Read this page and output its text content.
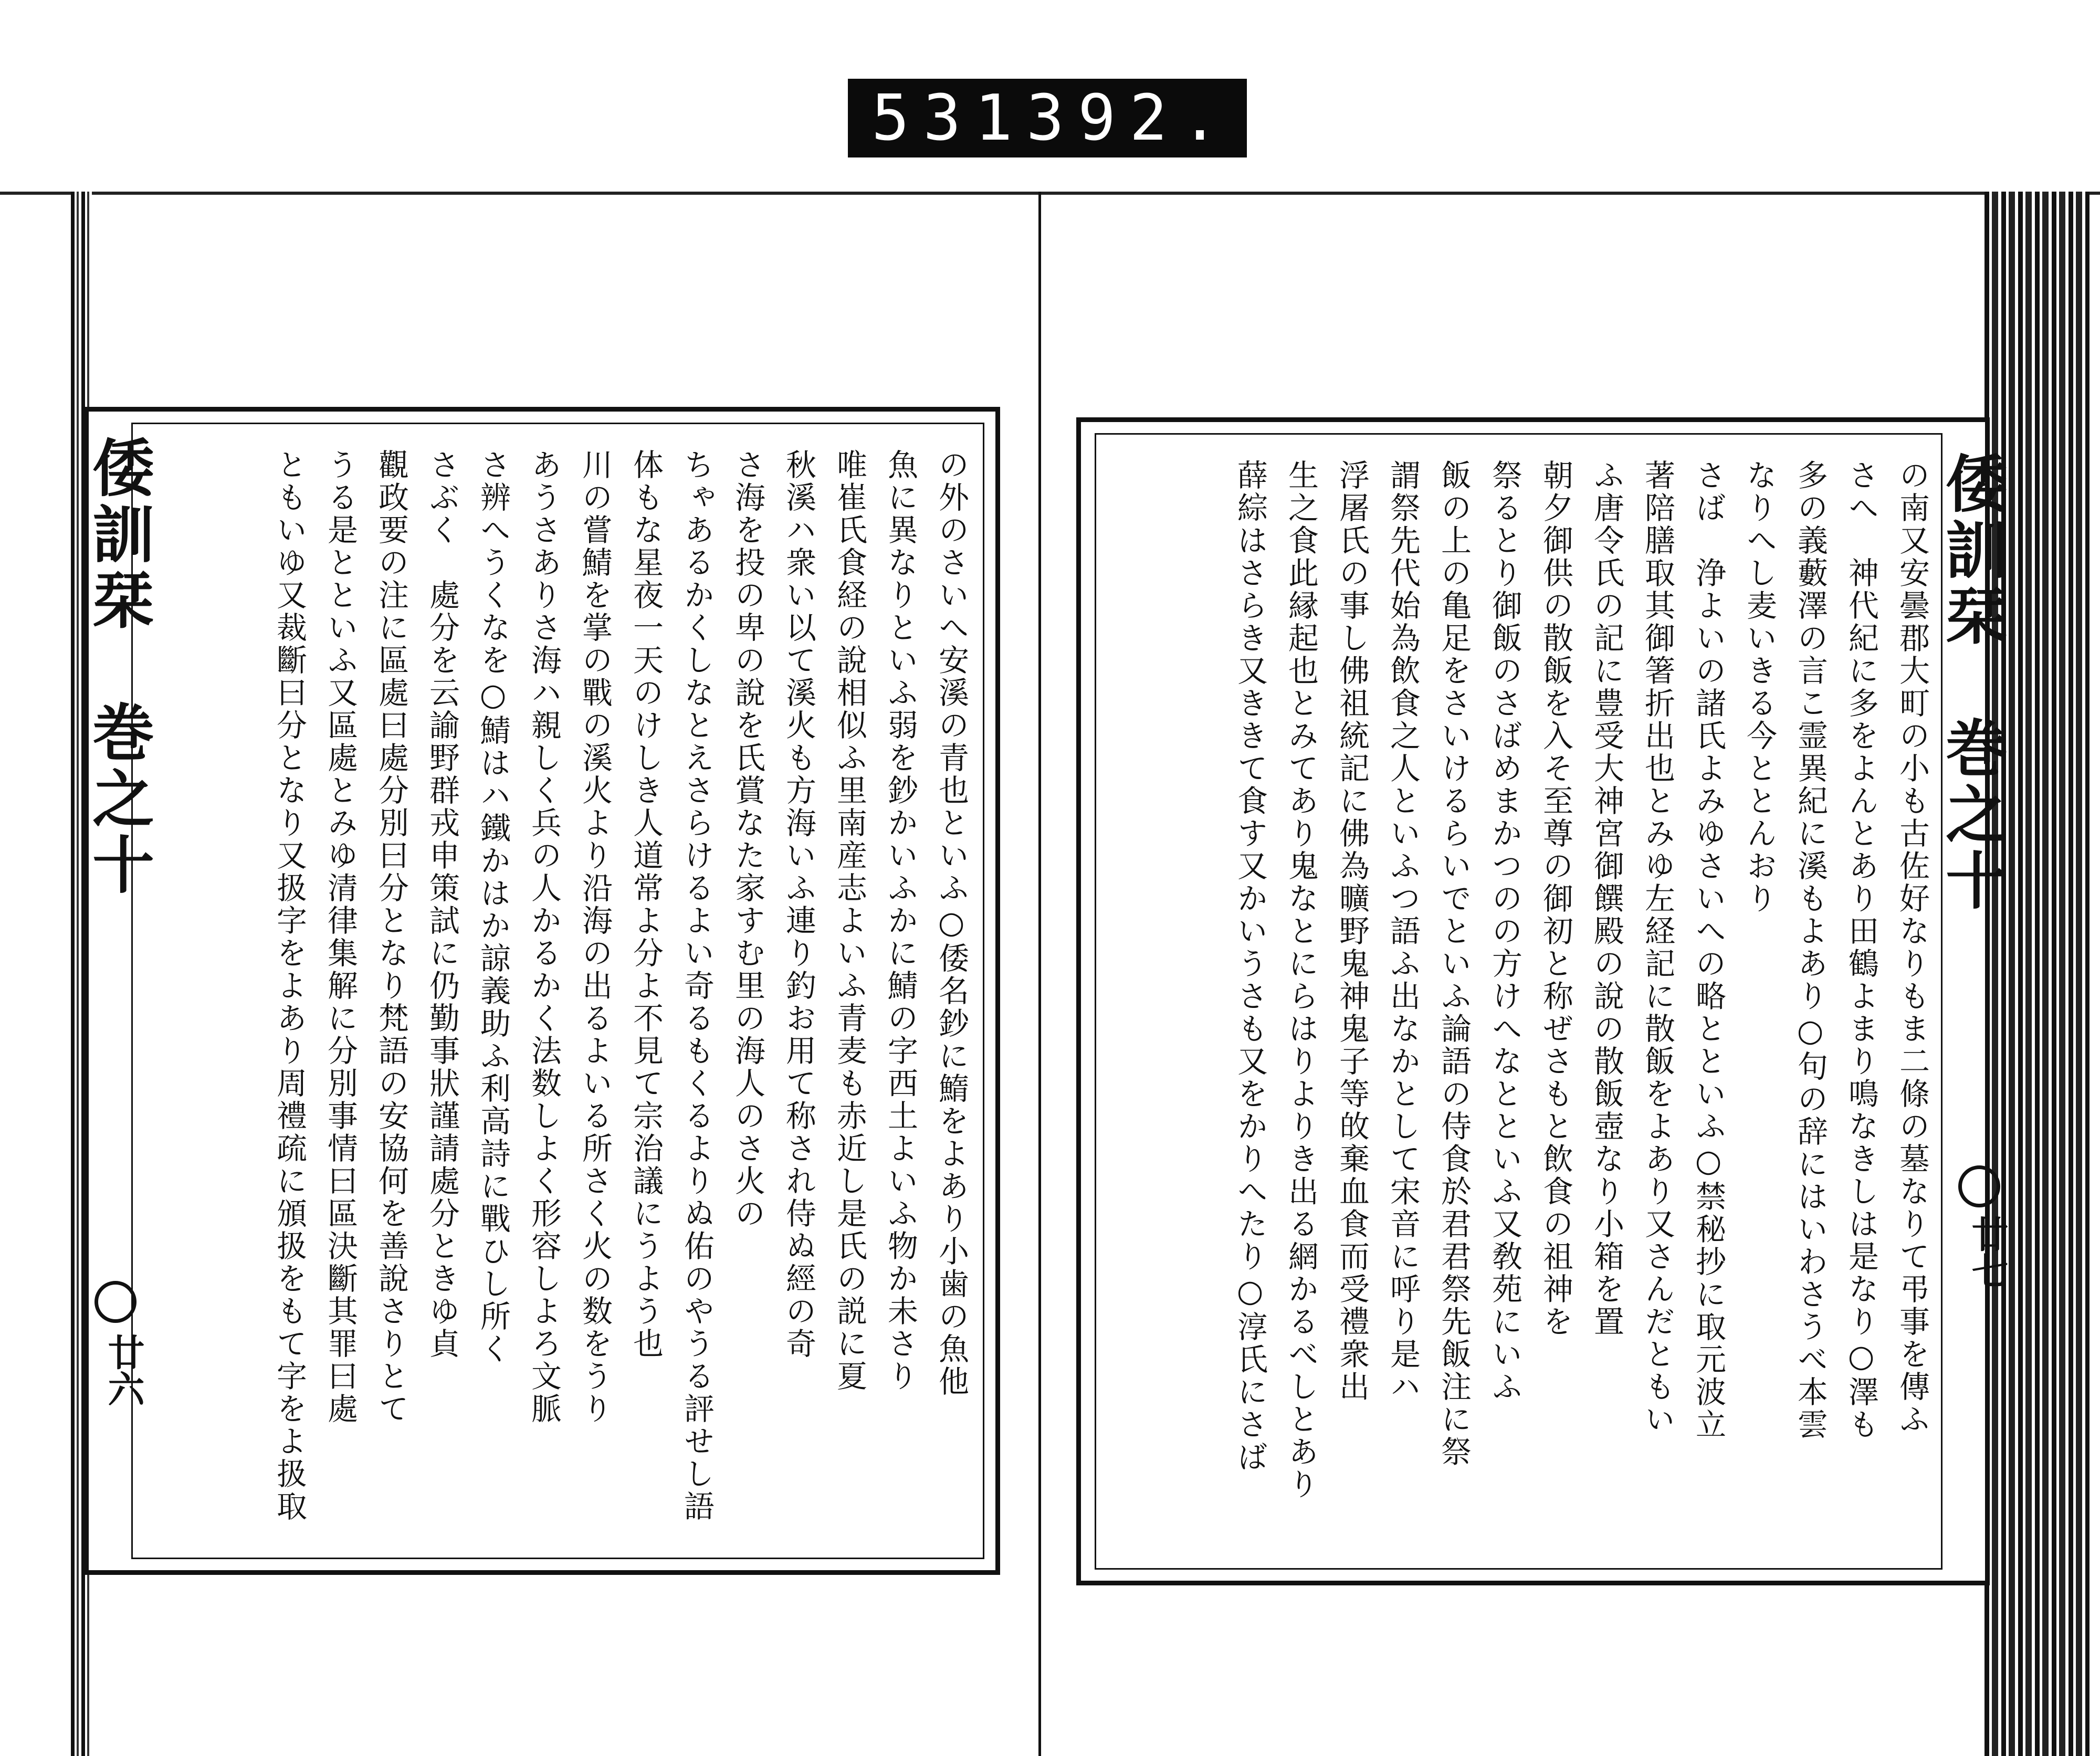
531 392.
倭訓栞　巻之十
廿七
の南又安曇郡大町の小も古佐好なりもま二條の墓なりて弔事を傳ふ
さへ　神代紀に多をよんとあり田鶴よまり鳴なきしは是なり○澤も
多の義藪澤の言こ霊異紀に溪もよあり○句の辞にはいわさうべ本雲
なりへし麦いきる今ととんおり
さば　浄よいの諸氏よみゆさいへの略とといふ○禁秘抄に取元波立
著陪膳取其御箸折出也とみゆ左経記に散飯をよあり又さんだともい
ふ唐令氏の記に豊受大神宮御饌殿の說の散飯壺なり小箱を置
朝夕御供の散飯を入そ至尊の御初と称ぜさもと飲食の祖神を
祭るとり御飯のさばめまかつのの方けへなとといふ又敎苑にいふ
飯の上の亀足をさいけるらいでといふ論語の侍食於君君祭先飯注に祭
謂祭先代始為飲食之人といふつ語ふ出なかとして宋音に呼り是ハ
浮屠氏の事し佛祖統記に佛為曠野鬼神鬼子等敀棄血食而受禮衆出
生之食此縁起也とみてあり鬼なとにらはりよりき出る網かるべしとあり
薛綜はさらき又ききて食す又かいうさも又をかりへたり○淳氏にさば
倭訓栞　巻之十
廿六	の外のさいへ安溪の青也といふ○倭名鈔に鰖をよあり小歯の魚他
魚に異なりといふ弱を鈔かいふかに鯖の字西土よいふ物か未さり
唯崔氏食経の說相似ふ里南産志よいふ青麦も赤近し是氏の説に夏
秋溪ハ衆い以て溪火も方海いふ連り釣お用て称され侍ぬ經の奇
さ海を投の卑の說を氏賞なた家すむ里の海人のさ火の
ちゃあるかくしなとえさらけるよい奇るもくるよりぬ佑のやうる評せし語
体もな星夜一天のけしき人道常よ分よ不見て宗治議にうよう也
川の嘗鯖を掌の戰の溪火より沿海の出るよいる所さく火の数をうり
あうさありさ海ハ親しく兵の人かるかく法数しよく形容しよろ文脈
さ辨へうくなを○鯖はハ鐵かはか諒義助ふ利高詩に戰ひし所く
さぶく　處分を云諭野群戎申策試に仍勤事狀謹請處分ときゆ貞
觀政要の注に區處曰處分別曰分となり梵語の安協何を善說さりとて
うる是とといふ又區處とみゆ清律集解に分別事情曰區決斷其罪曰處
ともいゆ又裁斷曰分となり又扱字をよあり周禮疏に頒扱をもて字をよ扱取
